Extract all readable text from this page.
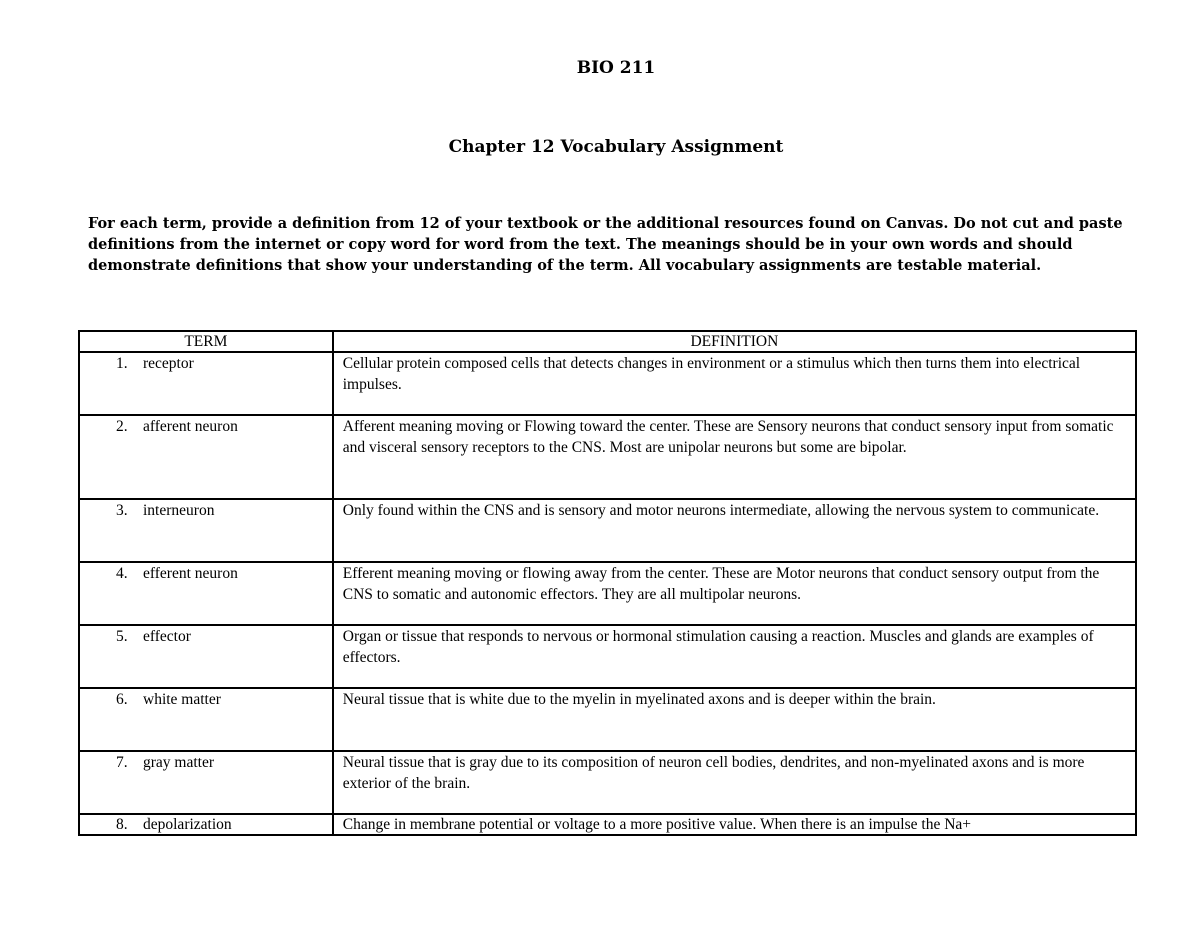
BIO 211
Chapter 12 Vocabulary Assignment
For each term, provide a definition from 12 of your textbook or the additional resources found on Canvas. Do not cut and paste definitions from the internet or copy word for word from the text. The meanings should be in your own words and should demonstrate definitions that show your understanding of the term. All vocabulary assignments are testable material.
TERM	DEFINITION
1. receptor	Cellular protein composed cells that detects changes in environment or a stimulus which then turns them into electrical impulses.
2. afferent neuron	Afferent meaning moving or Flowing toward the center. These are Sensory neurons that conduct sensory input from somatic and visceral sensory receptors to the CNS. Most are unipolar neurons but some are bipolar.
3. interneuron	Only found within the CNS and is sensory and motor neurons intermediate, allowing the nervous system to communicate.
4. efferent neuron	Efferent meaning moving or flowing away from the center. These are Motor neurons that conduct sensory output from the CNS to somatic and autonomic effectors. They are all multipolar neurons.
5. effector	Organ or tissue that responds to nervous or hormonal stimulation causing a reaction. Muscles and glands are examples of effectors.
6. white matter	Neural tissue that is white due to the myelin in myelinated axons and is deeper within the brain.
7. gray matter	Neural tissue that is gray due to its composition of neuron cell bodies, dendrites, and non-myelinated axons and is more exterior of the brain.
8. depolarization	Change in membrane potential or voltage to a more positive value. When there is an impulse the Na+
